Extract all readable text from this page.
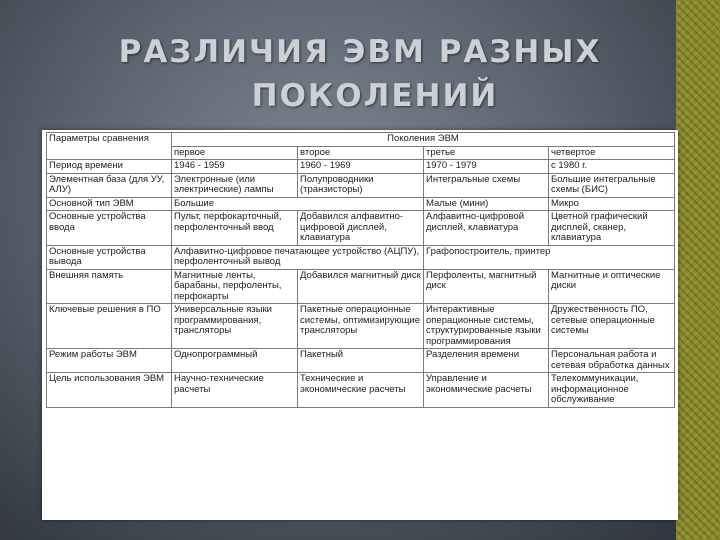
РАЗЛИЧИЯ ЭВМ РАЗНЫХ
ПОКОЛЕНИЙ
Параметры сравнения	Поколения ЭВМ			
	первое	второе	третье	четвертое
Период времени	1946 - 1959	1960 - 1969	1970 - 1979	с 1980 г.
Элементная база (для УУ, АЛУ)	Электронные (или электрические) лампы	Полупроводники (транзисторы)	Интегральные схемы	Большие интегральные схемы (БИС)
Основной тип ЭВМ	Большие		Малые (мини)	Микро
Основные устройства ввода	Пульт, перфокарточный, перфоленточный ввод	Добавился алфавитно-цифровой дисплей, клавиатура	Алфавитно-цифровой дисплей, клавиатура	Цветной графический дисплей, сканер, клавиатура
Основные устройства вывода	Алфавитно-цифровое печатающее устройство (АЦПУ), перфоленточный вывод		Графопостроитель, принтер	
Внешняя память	Магнитные ленты, барабаны, перфоленты, перфокарты	Добавился магнитный диск	Перфоленты, магнитный диск	Магнитные и оптические диски
Ключевые решения в ПО	Универсальные языки программирования, трансляторы	Пакетные операционные системы, оптимизирующие трансляторы	Интерактивные операционные системы, структурированные языки программирования	Дружественность ПО, сетевые операционные системы
Режим работы ЭВМ	Однопрограммный	Пакетный	Разделения времени	Персональная работа и сетевая обработка данных
Цель использования ЭВМ	Научно-технические расчеты	Технические и экономические расчеты	Управление и экономические расчеты	Телекоммуникации, информационное обслуживание
